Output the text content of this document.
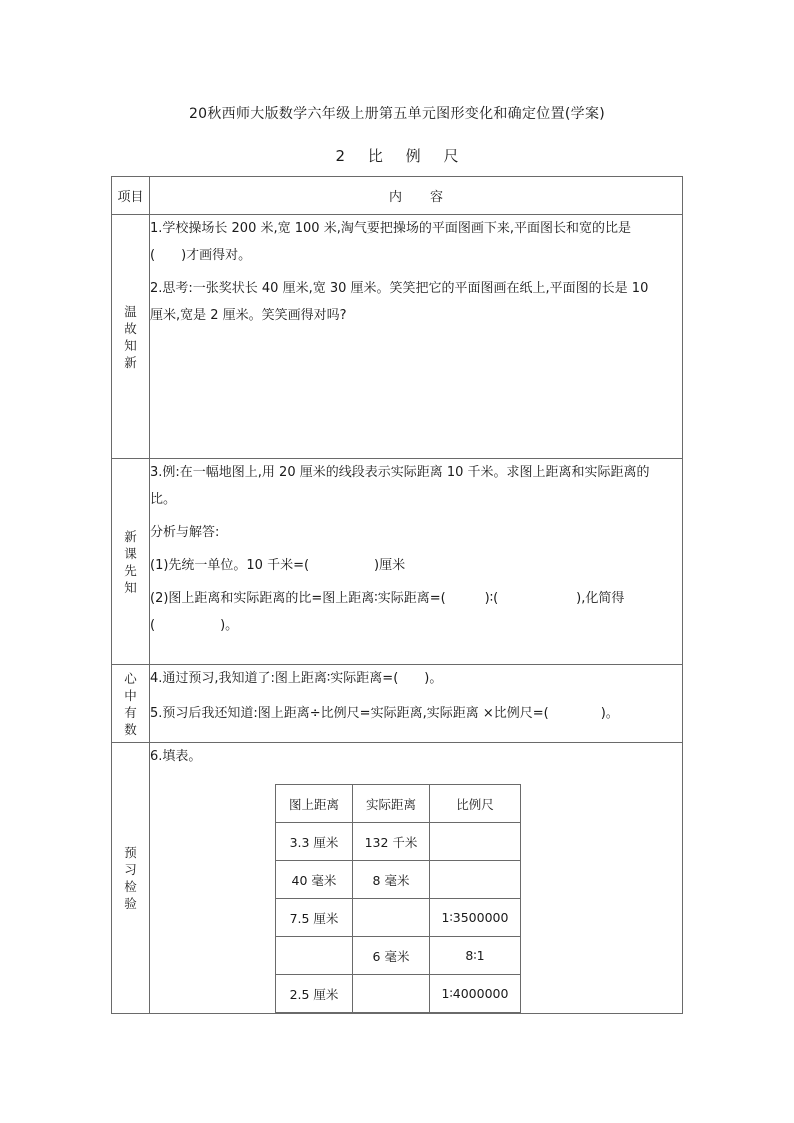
20秋西师大版数学六年级上册第五单元图形变化和确定位置(学案)
2 比 例 尺
项目	内 容
温故知新	
1.学校操场长 200 米,宽 100 米,淘气要把操场的平面图画下来,平面图长和宽的比是
(　　)才画得对。
2.思考:一张奖状长 40 厘米,宽 30 厘米。笑笑把它的平面图画在纸上,平面图的长是 10
厘米,宽是 2 厘米。笑笑画得对吗?

新课先知	
3.例:在一幅地图上,用 20 厘米的线段表示实际距离 10 千米。求图上距离和实际距离的
比。
分析与解答:
(1)先统一单位。10 千米=(　　　　　)厘米
(2)图上距离和实际距离的比=图上距离∶实际距离=(　　　)∶(　　　　　　),化简得
(　　　　　)。

心中有数	
4.通过预习,我知道了:图上距离∶实际距离=(　　)。
5.预习后我还知道:图上距离÷比例尺=实际距离,实际距离 ×比例尺=(　　　　)。

预习检验	
6.填表。
图上距离	实际距离	比例尺
3.3 厘米	132 千米	
40 毫米	8 毫米	
7.5 厘米		1∶3500000
	6 毫米	8∶1
2.5 厘米		1∶4000000
